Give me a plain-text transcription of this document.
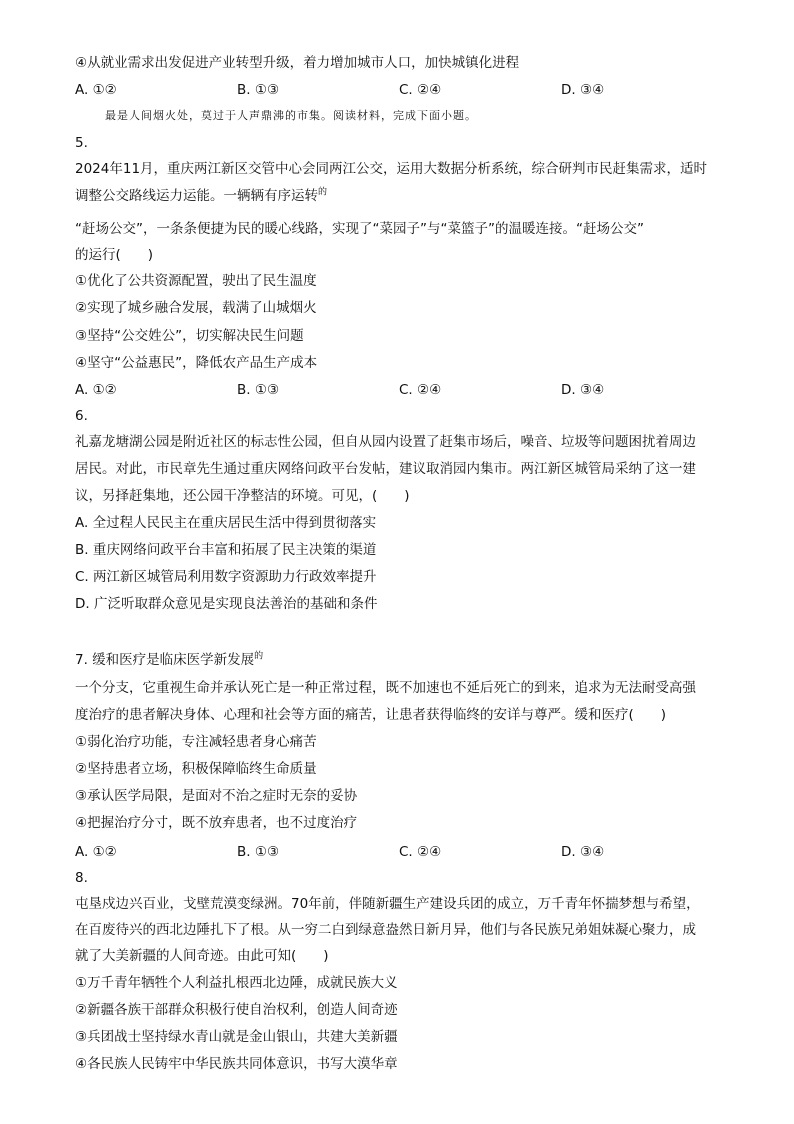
④从就业需求出发促进产业转型升级，着力增加城市人口，加快城镇化进程
A. ①②	B. ①③	C. ②④	D. ③④
最是人间烟火处，莫过于人声鼎沸的市集。阅读材料，完成下面小题。
5.
2024年11月，重庆两江新区交管中心会同两江公交，运用大数据分析系统，综合研判市民赶集需求，适时
调整公交路线运力运能。一辆辆有序运转$^的$
“赶场公交”，一条条便捷为民的暖心线路，实现了“菜园子”与“菜篮子”的温暖连接。“赶场公交”
的运行(　　)
①优化了公共资源配置，驶出了民生温度
②实现了城乡融合发展，载满了山城烟火
③坚持“公交姓公”，切实解决民生问题
④坚守“公益惠民”，降低农产品生产成本
A. ①②	B. ①③	C. ②④	D. ③④
6.
礼嘉龙塘湖公园是附近社区的标志性公园，但自从园内设置了赶集市场后，噪音、垃圾等问题困扰着周边
居民。对此，市民章先生通过重庆网络问政平台发帖，建议取消园内集市。两江新区城管局采纳了这一建
议，另择赶集地，还公园干净整洁的环境。可见，(　　)
A. 全过程人民民主在重庆居民生活中得到贯彻落实
B. 重庆网络问政平台丰富和拓展了民主决策的渠道
C. 两江新区城管局利用数字资源助力行政效率提升
D. 广泛听取群众意见是实现良法善治的基础和条件
7. 缓和医疗是临床医学新发展$^的$
一个分支，它重视生命并承认死亡是一种正常过程，既不加速也不延后死亡的到来，追求为无法耐受高强
度治疗的患者解决身体、心理和社会等方面的痛苦，让患者获得临终的安详与尊严。缓和医疗(　　)
①弱化治疗功能，专注减轻患者身心痛苦
②坚持患者立场，积极保障临终生命质量
③承认医学局限，是面对不治之症时无奈的妥协
④把握治疗分寸，既不放弃患者，也不过度治疗
A. ①②	B. ①③	C. ②④	D. ③④
8.
屯垦戍边兴百业，戈壁荒漠变绿洲。70年前，伴随新疆生产建设兵团的成立，万千青年怀揣梦想与希望，
在百废待兴的西北边陲扎下了根。从一穷二白到绿意盎然日新月异，他们与各民族兄弟姐妹凝心聚力，成
就了大美新疆的人间奇迹。由此可知(　　)
①万千青年牺牲个人利益扎根西北边陲，成就民族大义
②新疆各族干部群众积极行使自治权利，创造人间奇迹
③兵团战士坚持绿水青山就是金山银山，共建大美新疆
④各民族人民铸牢中华民族共同体意识，书写大漠华章
